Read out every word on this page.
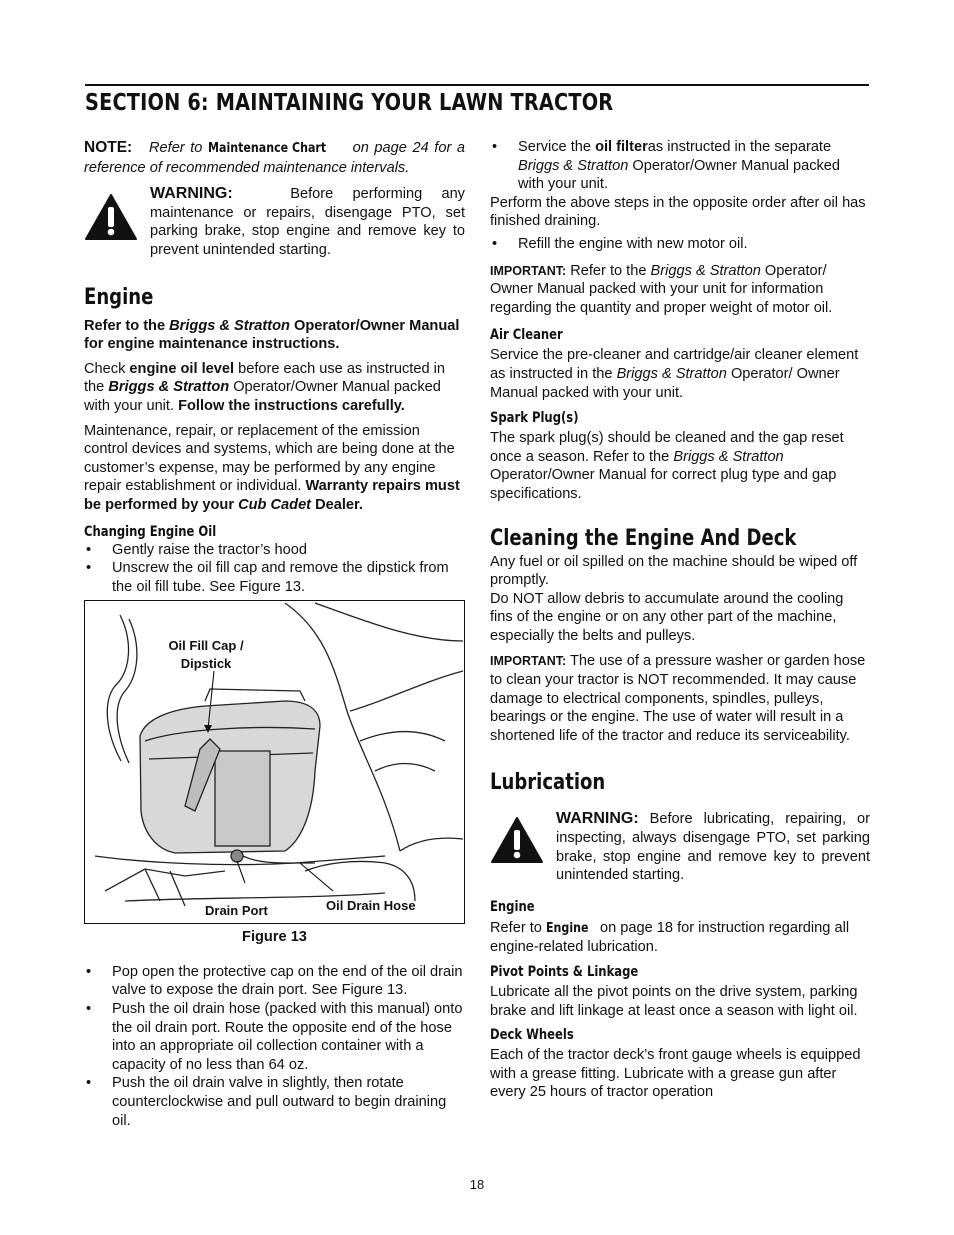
SECTION 6: MAINTAINING YOUR LAWN TRACTOR

NOTE: Refer to Maintenance Chart on page 24 for a reference of recommended maintenance intervals.

WARNING:	Before performing any maintenance or repairs, disengage PTO, set parking brake, stop engine and remove key to prevent unintended starting.

Engine

Refer to the Briggs & Stratton Operator/Owner Manual for engine maintenance instructions.

Check engine oil level before each use as instructed in the Briggs & Stratton Operator/Owner Manual packed with your unit. Follow the instructions carefully.

Maintenance, repair, or replacement of the emission control devices and systems, which are being done at the customer’s expense, may be performed by any engine repair establishment or individual. Warranty repairs must be performed by your Cub Cadet Dealer.

Changing Engine Oil
• Gently raise the tractor’s hood
• Unscrew the oil fill cap and remove the dipstick from the oil fill tube. See Figure 13.
Oil Fill Cap / Dipstick
Drain Port	Oil Drain Hose
Figure 13
• Pop open the protective cap on the end of the oil drain valve to expose the drain port. See Figure 13.
• Push the oil drain hose (packed with this manual) onto the oil drain port. Route the opposite end of the hose into an appropriate oil collection container with a capacity of no less than 64 oz.
• Push the oil drain valve in slightly, then rotate counterclockwise and pull outward to begin draining oil.
• Service the oil filteras instructed in the separate Briggs & Stratton Operator/Owner Manual packed with your unit.

Perform the above steps in the opposite order after oil has finished draining.

• Refill the engine with new motor oil.

IMPORTANT: Refer to the Briggs & Stratton Operator/ Owner Manual packed with your unit for information regarding the quantity and proper weight of motor oil.

Air Cleaner

Service the pre-cleaner and cartridge/air cleaner element as instructed in the Briggs & Stratton Operator/ Owner Manual packed with your unit.

Spark Plug(s)

The spark plug(s) should be cleaned and the gap reset once a season. Refer to the Briggs & Stratton Operator/Owner Manual for correct plug type and gap specifications.

Cleaning the Engine And Deck

Any fuel or oil spilled on the machine should be wiped off promptly.

Do NOT allow debris to accumulate around the cooling fins of the engine or on any other part of the machine, especially the belts and pulleys.

IMPORTANT: The use of a pressure washer or garden hose to clean your tractor is NOT recommended. It may cause damage to electrical components, spindles, pulleys, bearings or the engine. The use of water will result in a shortened life of the tractor and reduce its serviceability.

Lubrication

WARNING: Before lubricating, repairing, or inspecting, always disengage PTO, set parking brake, stop engine and remove key to prevent unintended starting.

Engine

Refer to Engine on page 18 for instruction regarding all engine-related lubrication.

Pivot Points & Linkage

Lubricate all the pivot points on the drive system, parking brake and lift linkage at least once a season with light oil.

Deck Wheels

Each of the tractor deck’s front gauge wheels is equipped with a grease fitting. Lubricate with a grease gun after every 25 hours of tractor operation

18
